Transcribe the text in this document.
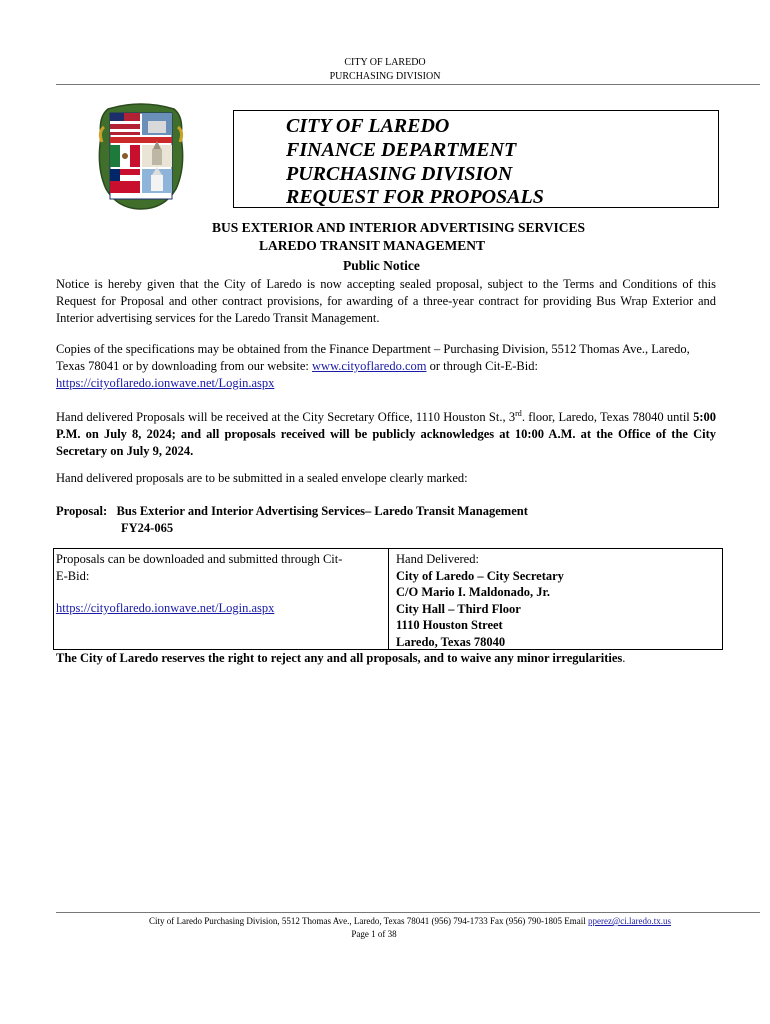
CITY OF LAREDO
PURCHASING DIVISION
CITY OF LAREDO
FINANCE DEPARTMENT
PURCHASING DIVISION
REQUEST FOR PROPOSALS
BUS EXTERIOR AND INTERIOR ADVERTISING SERVICES
LAREDO TRANSIT MANAGEMENT
Public Notice
Notice is hereby given that the City of Laredo is now accepting sealed proposal, subject to the Terms and Conditions of this Request for Proposal and other contract provisions, for awarding of a three-year contract for providing Bus Wrap Exterior and Interior advertising services for the Laredo Transit Management.
Copies of the specifications may be obtained from the Finance Department – Purchasing Division, 5512 Thomas Ave., Laredo, Texas 78041 or by downloading from our website: www.cityoflaredo.com or through Cit-E-Bid:
https://cityoflaredo.ionwave.net/Login.aspx
Hand delivered Proposals will be received at the City Secretary Office, 1110 Houston St., 3rd. floor, Laredo, Texas 78040 until 5:00 P.M. on July 8, 2024; and all proposals received will be publicly acknowledges at 10:00 A.M. at the Office of the City Secretary on July 9, 2024.
Hand delivered proposals are to be submitted in a sealed envelope clearly marked:
Proposal: Bus Exterior and Interior Advertising Services– Laredo Transit Management
FY24-065
Proposals can be downloaded and submitted through Cit-
E-Bid:
https://cityoflaredo.ionwave.net/Login.aspx
Hand Delivered:
City of Laredo – City Secretary
C/O Mario I. Maldonado, Jr.
City Hall – Third Floor
1110 Houston Street
Laredo, Texas 78040
The City of Laredo reserves the right to reject any and all proposals, and to waive any minor irregularities.
City of Laredo Purchasing Division, 5512 Thomas Ave., Laredo, Texas 78041 (956) 794-1733 Fax (956) 790-1805 Email pperez@ci.laredo.tx.us
Page 1 of 38
